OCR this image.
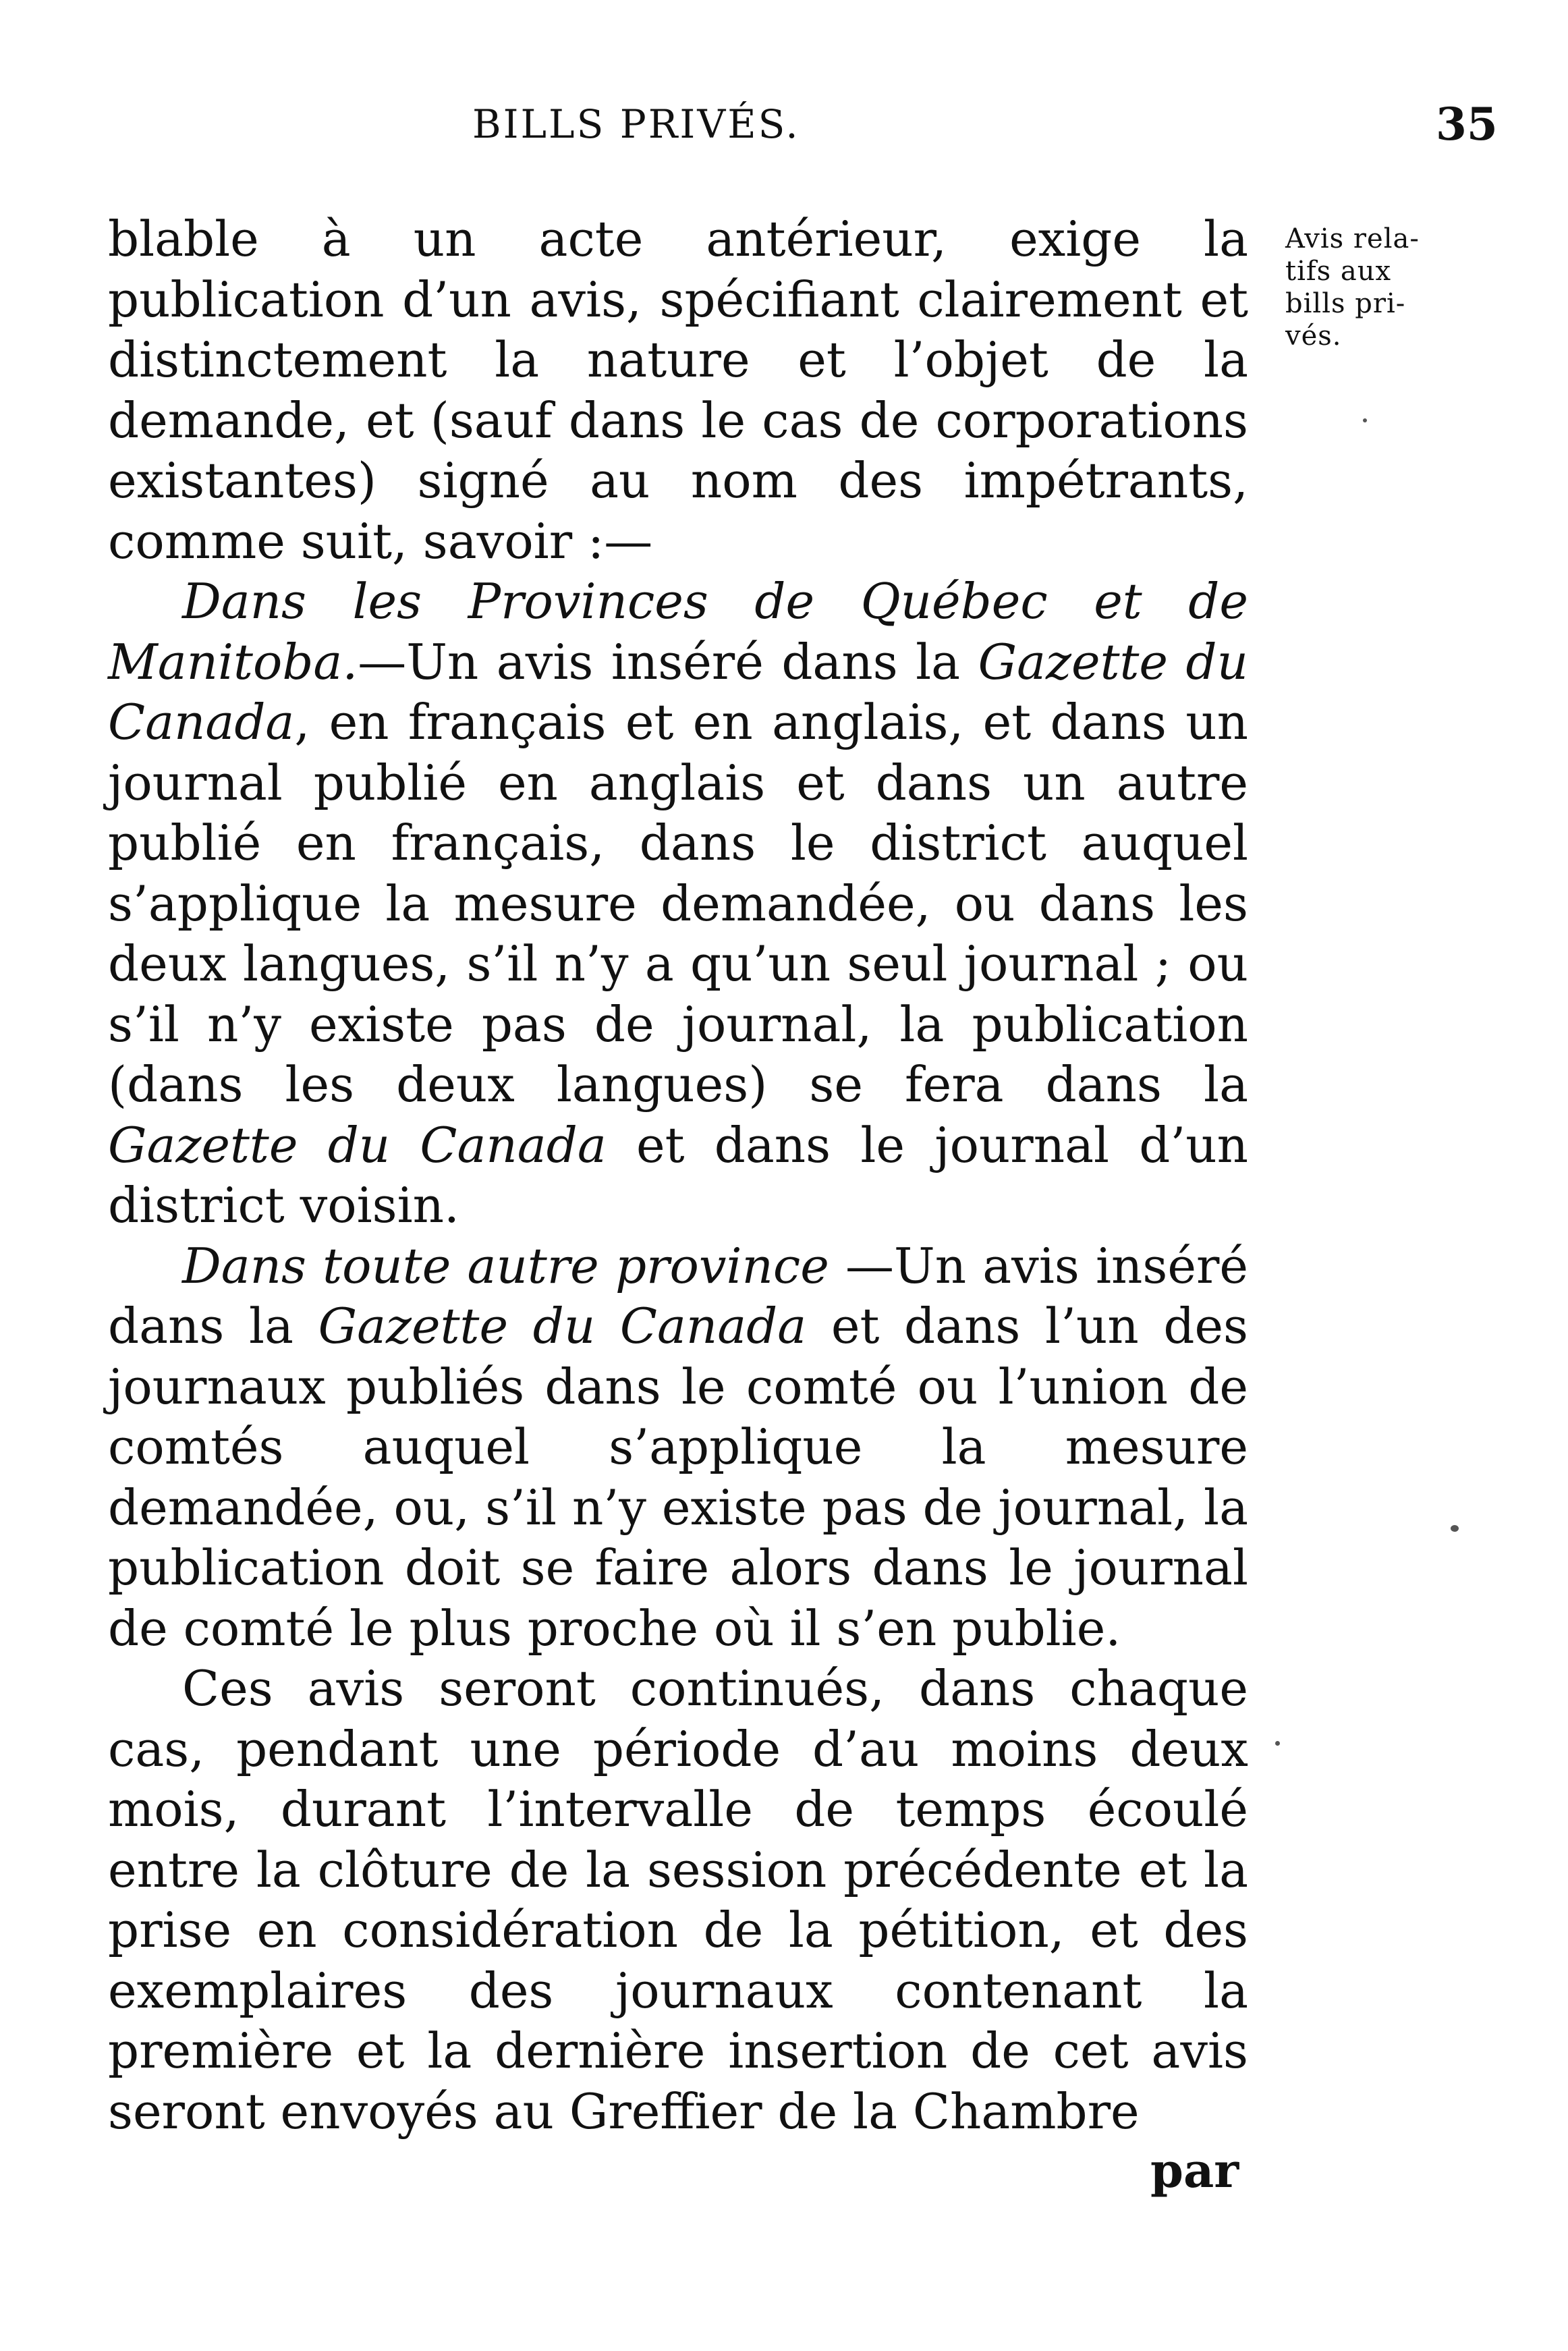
BILLS PRIVÉS.	35

blable à un acte antérieur, exige la publication d’un avis, spécifiant clairement et distinctement la nature et l’objet de la demande, et (sauf dans le cas de corporations existantes) signé au nom des impétrants, comme suit, savoir :—

Dans les Provinces de Québec et de Manitoba.—Un avis inséré dans la Gazette du Canada, en français et en anglais, et dans un journal publié en anglais et dans un autre publié en français, dans le district auquel s’applique la mesure demandée, ou dans les deux langues, s’il n’y a qu’un seul journal ; ou s’il n’y existe pas de journal, la publication (dans les deux langues) se fera dans la Gazette du Canada et dans le journal d’un district voisin.

Dans toute autre province —Un avis inséré dans la Gazette du Canada et dans l’un des journaux publiés dans le comté ou l’union de comtés auquel s’applique la mesure demandée, ou, s’il n’y existe pas de journal, la publication doit se faire alors dans le journal de comté le plus proche où il s’en publie.

Ces avis seront continués, dans chaque cas, pendant une période d’au moins deux mois, durant l’intervalle de temps écoulé entre la clôture de la session précédente et la prise en considération de la pétition, et des exemplaires des journaux contenant la première et la dernière insertion de cet avis seront envoyés au Greffier de la Chambre

Avis rela-
tifs aux
bills pri-
vés.
par
